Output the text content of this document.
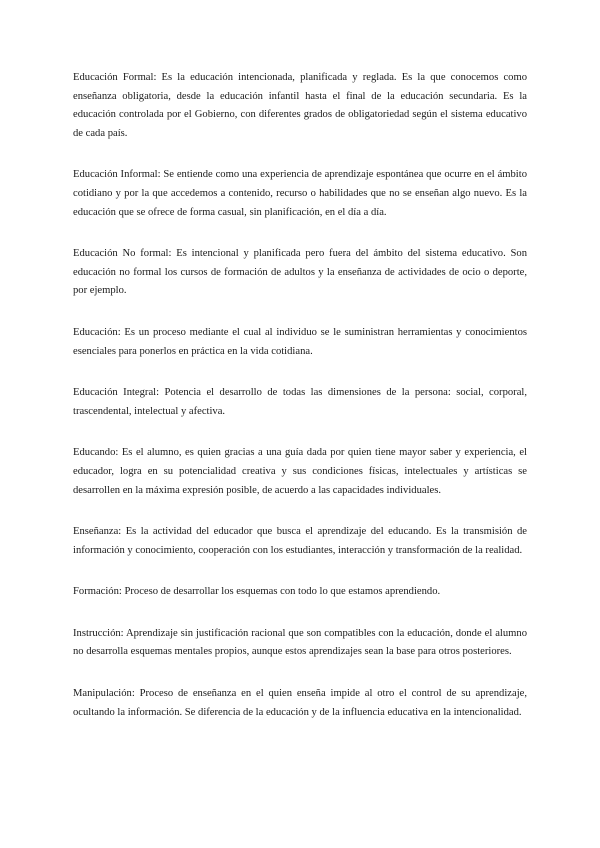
Educación Formal: Es la educación intencionada, planificada y reglada. Es la que conocemos como enseñanza obligatoria, desde la educación infantil hasta el final de la educación secundaria. Es la educación controlada por el Gobierno, con diferentes grados de obligatoriedad según el sistema educativo de cada país.

Educación Informal: Se entiende como una experiencia de aprendizaje espontánea que ocurre en el ámbito cotidiano y por la que accedemos a contenido, recurso o habilidades que no se enseñan algo nuevo. Es la educación que se ofrece de forma casual, sin planificación, en el día a día.

Educación No formal: Es intencional y planificada pero fuera del ámbito del sistema educativo. Son educación no formal los cursos de formación de adultos y la enseñanza de actividades de ocio o deporte, por ejemplo.

Educación: Es un proceso mediante el cual al individuo se le suministran herramientas y conocimientos esenciales para ponerlos en práctica en la vida cotidiana.

Educación Integral: Potencia el desarrollo de todas las dimensiones de la persona: social, corporal, trascendental, intelectual y afectiva.

Educando: Es el alumno, es quien gracias a una guía dada por quien tiene mayor saber y experiencia, el educador, logra en su potencialidad creativa y sus condiciones físicas, intelectuales y artísticas se desarrollen en la máxima expresión posible, de acuerdo a las capacidades individuales.

Enseñanza: Es la actividad del educador que busca el aprendizaje del educando. Es la transmisión de información y conocimiento, cooperación con los estudiantes, interacción y transformación de la realidad.

Formación: Proceso de desarrollar los esquemas con todo lo que estamos aprendiendo.

Instrucción: Aprendizaje sin justificación racional que son compatibles con la educación, donde el alumno no desarrolla esquemas mentales propios, aunque estos aprendizajes sean la base para otros posteriores.

Manipulación: Proceso de enseñanza en el quien enseña impide al otro el control de su aprendizaje, ocultando la información. Se diferencia de la educación y de la influencia educativa en la intencionalidad.
